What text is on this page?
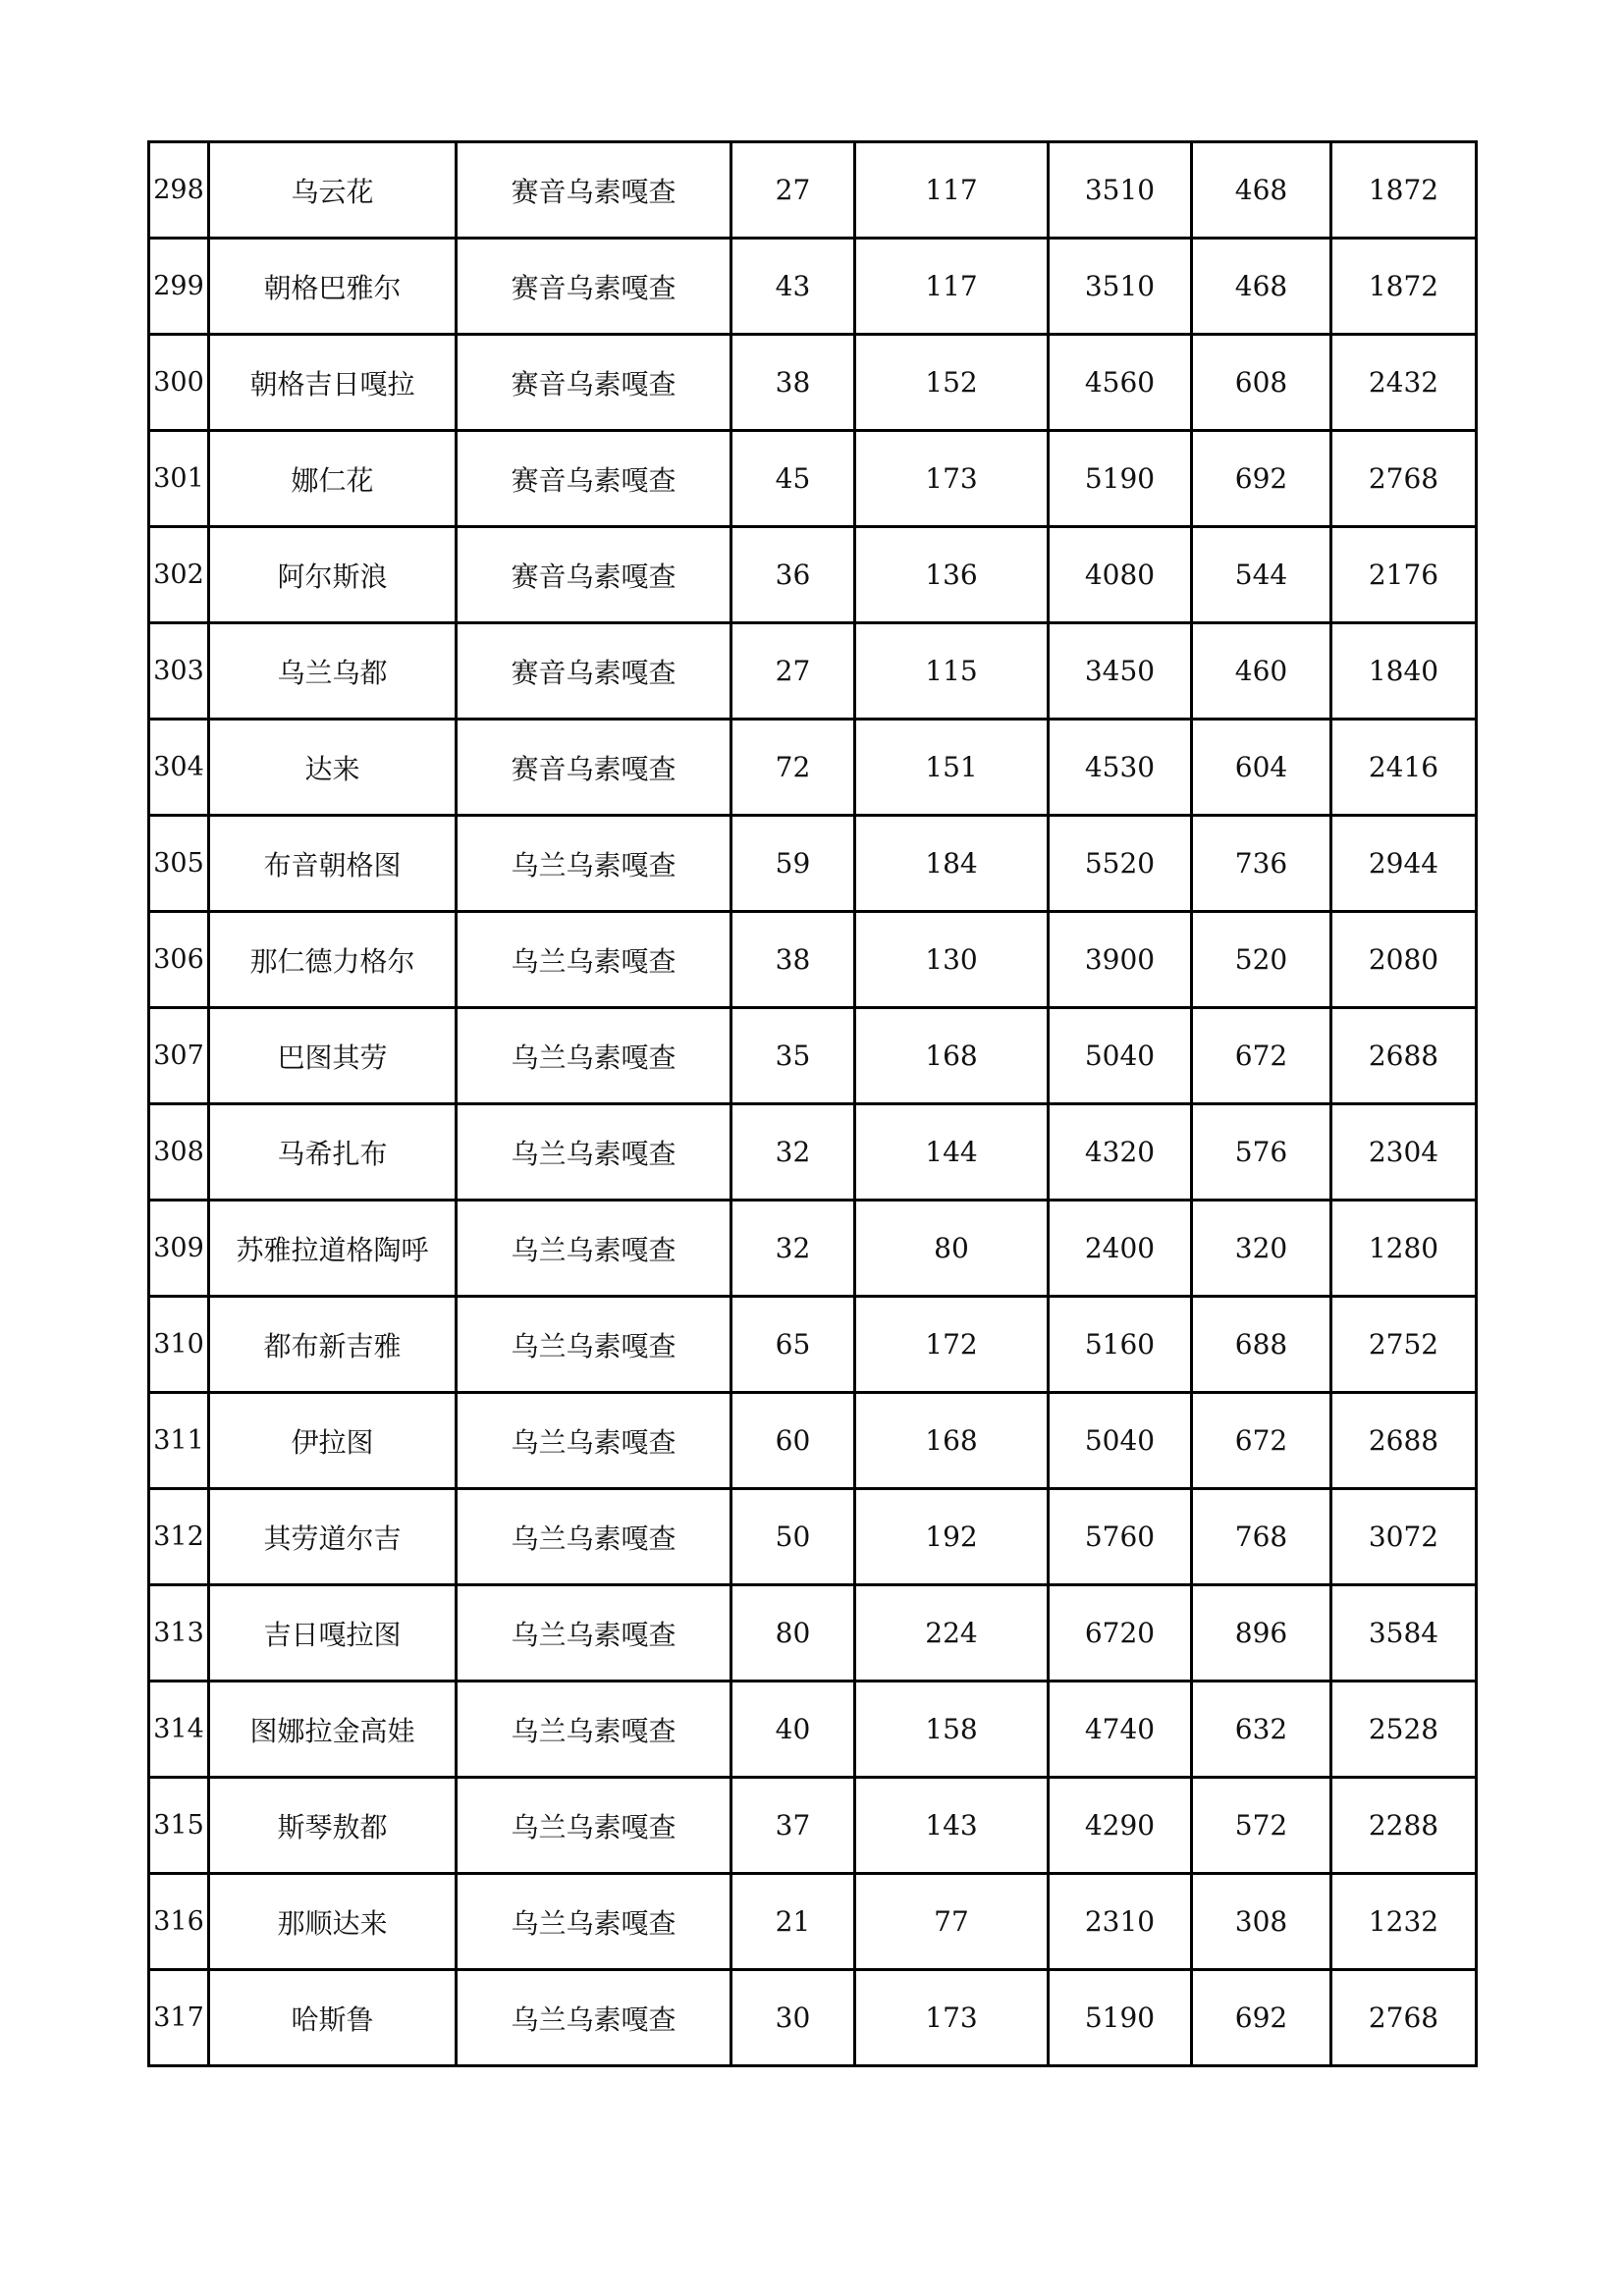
298	乌云花	赛音乌素嘎查	27	117	3510	468	1872
299	朝格巴雅尔	赛音乌素嘎查	43	117	3510	468	1872
300	朝格吉日嘎拉	赛音乌素嘎查	38	152	4560	608	2432
301	娜仁花	赛音乌素嘎查	45	173	5190	692	2768
302	阿尔斯浪	赛音乌素嘎查	36	136	4080	544	2176
303	乌兰乌都	赛音乌素嘎查	27	115	3450	460	1840
304	达来	赛音乌素嘎查	72	151	4530	604	2416
305	布音朝格图	乌兰乌素嘎查	59	184	5520	736	2944
306	那仁德力格尔	乌兰乌素嘎查	38	130	3900	520	2080
307	巴图其劳	乌兰乌素嘎查	35	168	5040	672	2688
308	马希扎布	乌兰乌素嘎查	32	144	4320	576	2304
309	苏雅拉道格陶呼	乌兰乌素嘎查	32	80	2400	320	1280
310	都布新吉雅	乌兰乌素嘎查	65	172	5160	688	2752
311	伊拉图	乌兰乌素嘎查	60	168	5040	672	2688
312	其劳道尔吉	乌兰乌素嘎查	50	192	5760	768	3072
313	吉日嘎拉图	乌兰乌素嘎查	80	224	6720	896	3584
314	图娜拉金高娃	乌兰乌素嘎查	40	158	4740	632	2528
315	斯琴敖都	乌兰乌素嘎查	37	143	4290	572	2288
316	那顺达来	乌兰乌素嘎查	21	77	2310	308	1232
317	哈斯鲁	乌兰乌素嘎查	30	173	5190	692	2768
